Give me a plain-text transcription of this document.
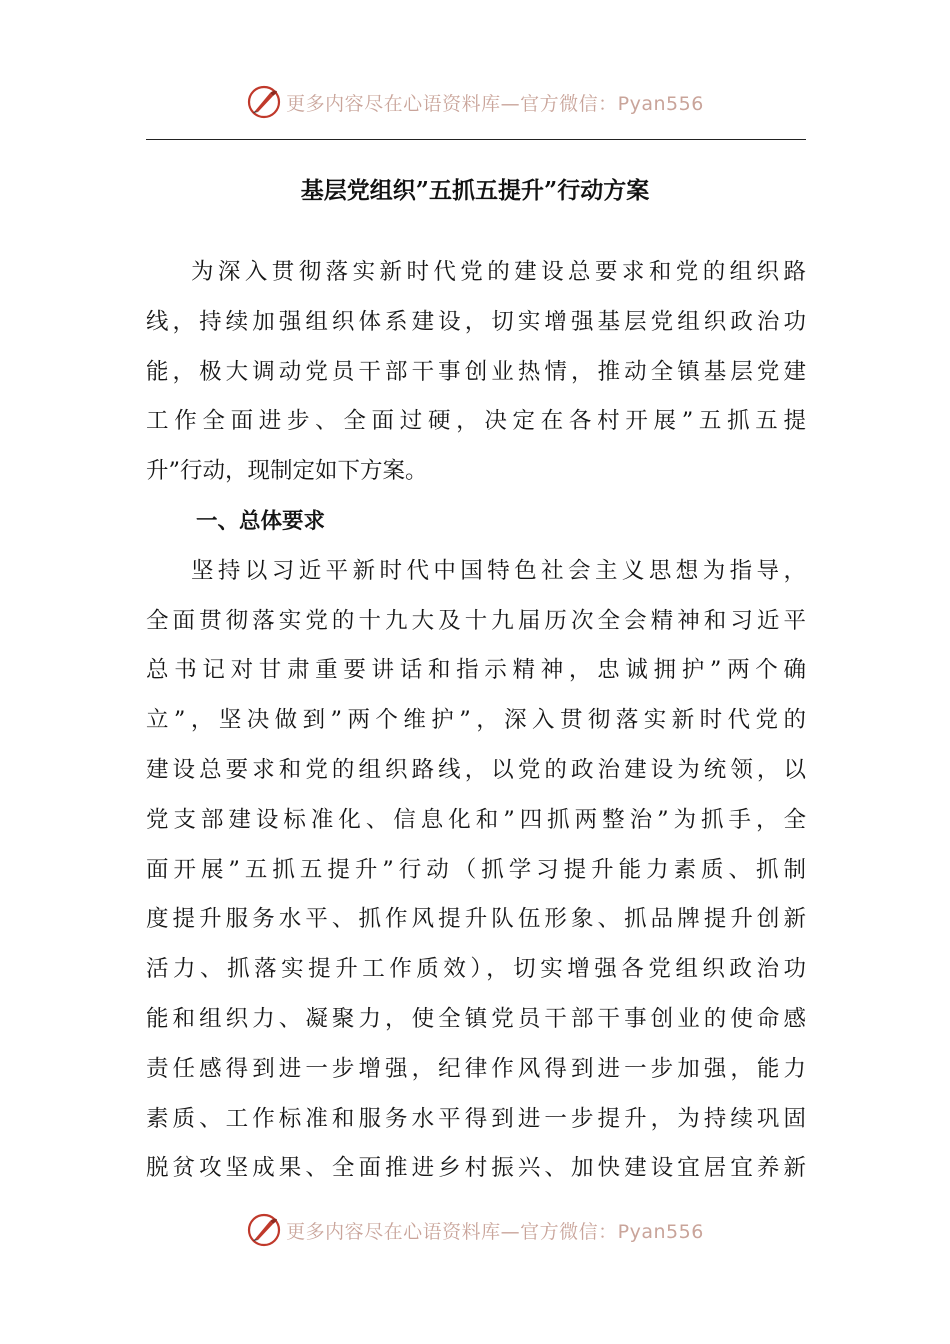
更多内容尽在心语资料库—官方微信：Pyan556
基层党组织”五抓五提升”行动方案
为深入贯彻落实新时代党的建设总要求和党的组织路
线，持续加强组织体系建设，切实增强基层党组织政治功
能，极大调动党员干部干事创业热情，推动全镇基层党建
工作全面进步、全面过硬，决定在各村开展”五抓五提
升”行动，现制定如下方案。
一、总体要求
坚持以习近平新时代中国特色社会主义思想为指导，
全面贯彻落实党的十九大及十九届历次全会精神和习近平
总书记对甘肃重要讲话和指示精神，忠诚拥护”两个确
立”，坚决做到”两个维护”，深入贯彻落实新时代党的
建设总要求和党的组织路线，以党的政治建设为统领，以
党支部建设标准化、信息化和”四抓两整治”为抓手，全
面开展”五抓五提升”行动（抓学习提升能力素质、抓制
度提升服务水平、抓作风提升队伍形象、抓品牌提升创新
活力、抓落实提升工作质效），切实增强各党组织政治功
能和组织力、凝聚力，使全镇党员干部干事创业的使命感
责任感得到进一步增强，纪律作风得到进一步加强，能力
素质、工作标准和服务水平得到进一步提升，为持续巩固
脱贫攻坚成果、全面推进乡村振兴、加快建设宜居宜养新
更多内容尽在心语资料库—官方微信：Pyan556
